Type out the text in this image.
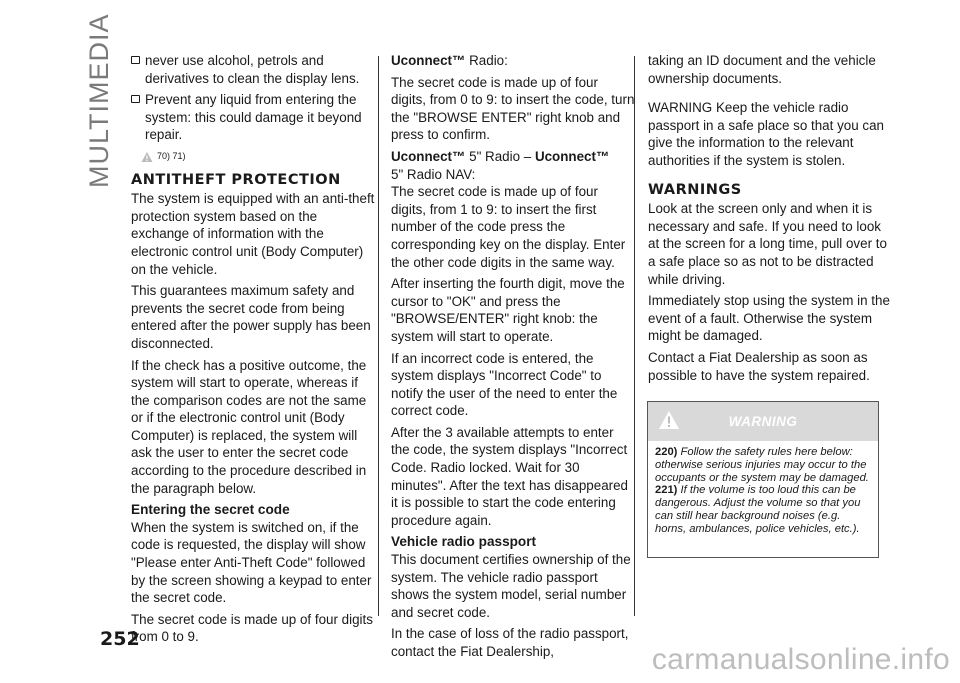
MULTIMEDIA
252

never use alcohol, petrols and derivatives to clean the display lens.

Prevent any liquid from entering the system: this could damage it beyond repair.

70) 71)

ANTITHEFT PROTECTION

The system is equipped with an anti-theft protection system based on the exchange of information with the electronic control unit (Body Computer) on the vehicle.

This guarantees maximum safety and prevents the secret code from being entered after the power supply has been disconnected.

If the check has a positive outcome, the system will start to operate, whereas if the comparison codes are not the same or if the electronic control unit (Body Computer) is replaced, the system will ask the user to enter the secret code according to the procedure described in the paragraph below.

Entering the secret code

When the system is switched on, if the code is requested, the display will show "Please enter Anti-Theft Code" followed by the screen showing a keypad to enter the secret code.

The secret code is made up of four digits from 0 to 9.

Uconnect™ Radio:

The secret code is made up of four digits, from 0 to 9: to insert the code, turn the "BROWSE ENTER" right knob and press to confirm.

Uconnect™ 5" Radio – Uconnect™
5" Radio NAV:

The secret code is made up of four digits, from 1 to 9: to insert the first number of the code press the corresponding key on the display. Enter the other code digits in the same way.

After inserting the fourth digit, move the cursor to "OK" and press the "BROWSE/ENTER" right knob: the system will start to operate.

If an incorrect code is entered, the system displays "Incorrect Code" to notify the user of the need to enter the correct code.

After the 3 available attempts to enter the code, the system displays "Incorrect Code. Radio locked. Wait for 30 minutes". After the text has disappeared it is possible to start the code entering procedure again.

Vehicle radio passport

This document certifies ownership of the system. The vehicle radio passport shows the system model, serial number and secret code.

In the case of loss of the radio passport, contact the Fiat Dealership,

taking an ID document and the vehicle ownership documents.

WARNING Keep the vehicle radio passport in a safe place so that you can give the information to the relevant authorities if the system is stolen.

WARNINGS

Look at the screen only and when it is necessary and safe. If you need to look at the screen for a long time, pull over to a safe place so as not to be distracted while driving.

Immediately stop using the system in the event of a fault. Otherwise the system might be damaged.

Contact a Fiat Dealership as soon as possible to have the system repaired.

WARNING

220) Follow the safety rules here below: otherwise serious injuries may occur to the occupants or the system may be damaged.

221) If the volume is too loud this can be dangerous. Adjust the volume so that you can still hear background noises (e.g. horns, ambulances, police vehicles, etc.).

carmanualsonline.info
